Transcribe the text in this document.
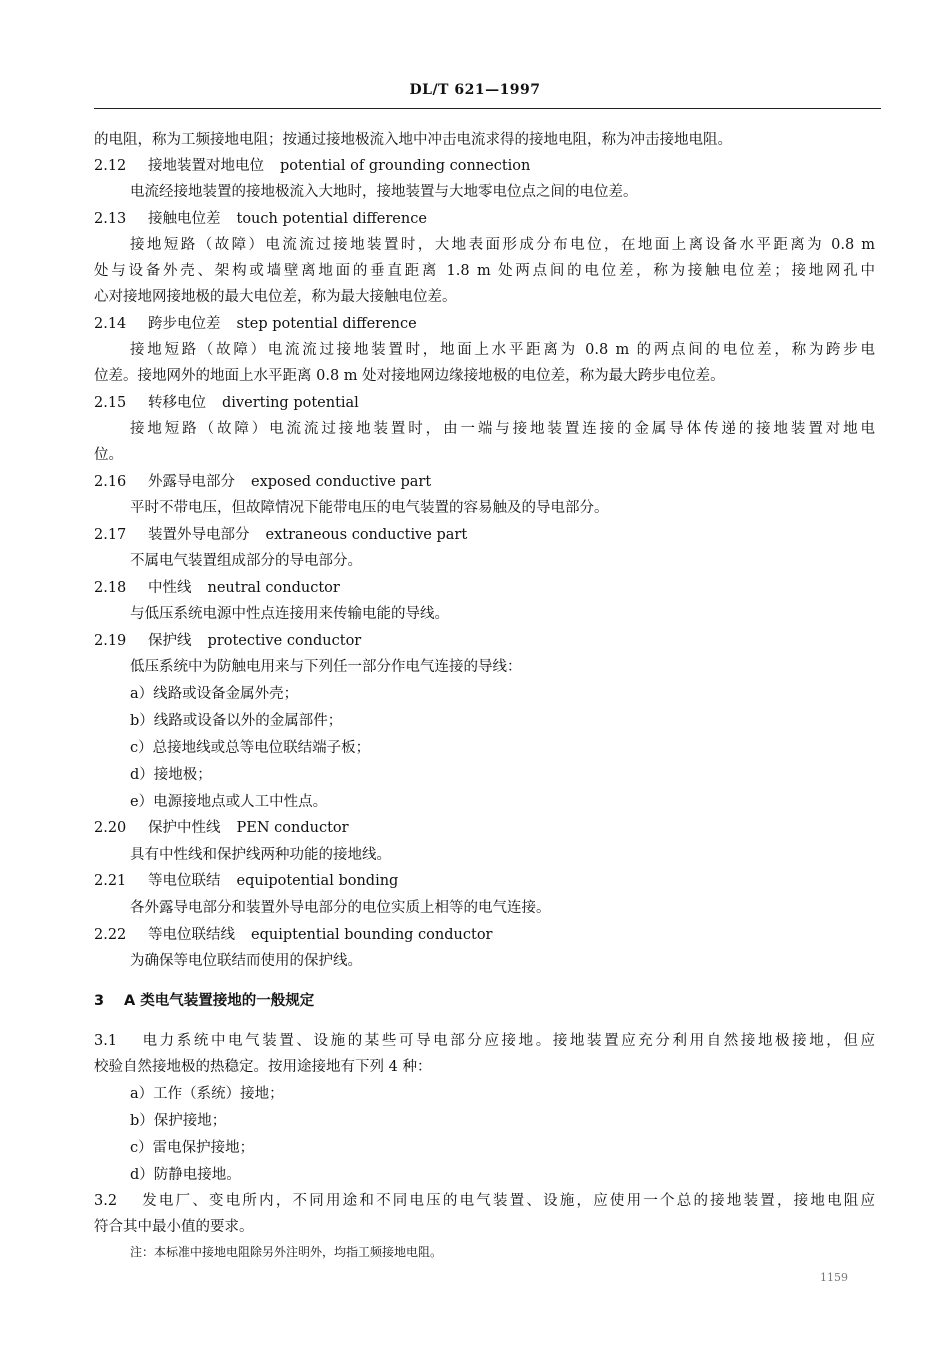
DL/T 621—1997
的电阻，称为工频接地电阻；按通过接地极流入地中冲击电流求得的接地电阻，称为冲击接地电阻。
2.12 接地装置对地电位 potential of grounding connection
电流经接地装置的接地极流入大地时，接地装置与大地零电位点之间的电位差。
2.13 接触电位差 touch potential difference
接地短路（故障）电流流过接地装置时，大地表面形成分布电位，在地面上离设备水平距离为 0.8 m
处与设备外壳、架构或墙壁离地面的垂直距离 1.8 m 处两点间的电位差，称为接触电位差；接地网孔中
心对接地网接地极的最大电位差，称为最大接触电位差。
2.14 跨步电位差 step potential difference
接地短路（故障）电流流过接地装置时，地面上水平距离为 0.8 m 的两点间的电位差，称为跨步电
位差。接地网外的地面上水平距离 0.8 m 处对接地网边缘接地极的电位差，称为最大跨步电位差。
2.15 转移电位 diverting potential
接地短路（故障）电流流过接地装置时，由一端与接地装置连接的金属导体传递的接地装置对地电
位。
2.16 外露导电部分 exposed conductive part
平时不带电压，但故障情况下能带电压的电气装置的容易触及的导电部分。
2.17 装置外导电部分 extraneous conductive part
不属电气装置组成部分的导电部分。
2.18 中性线 neutral conductor
与低压系统电源中性点连接用来传输电能的导线。
2.19 保护线 protective conductor
低压系统中为防触电用来与下列任一部分作电气连接的导线：
a）线路或设备金属外壳；
b）线路或设备以外的金属部件；
c）总接地线或总等电位联结端子板；
d）接地极；
e）电源接地点或人工中性点。
2.20 保护中性线 PEN conductor
具有中性线和保护线两种功能的接地线。
2.21 等电位联结 equipotential bonding
各外露导电部分和装置外导电部分的电位实质上相等的电气连接。
2.22 等电位联结线 equiptential bounding conductor
为确保等电位联结而使用的保护线。
3 A 类电气装置接地的一般规定
3.1 电力系统中电气装置、设施的某些可导电部分应接地。接地装置应充分利用自然接地极接地，但应
校验自然接地极的热稳定。按用途接地有下列 4 种：
a）工作（系统）接地；
b）保护接地；
c）雷电保护接地；
d）防静电接地。
3.2 发电厂、变电所内，不同用途和不同电压的电气装置、设施，应使用一个总的接地装置，接地电阻应
符合其中最小值的要求。
注：本标准中接地电阻除另外注明外，均指工频接地电阻。
1159
